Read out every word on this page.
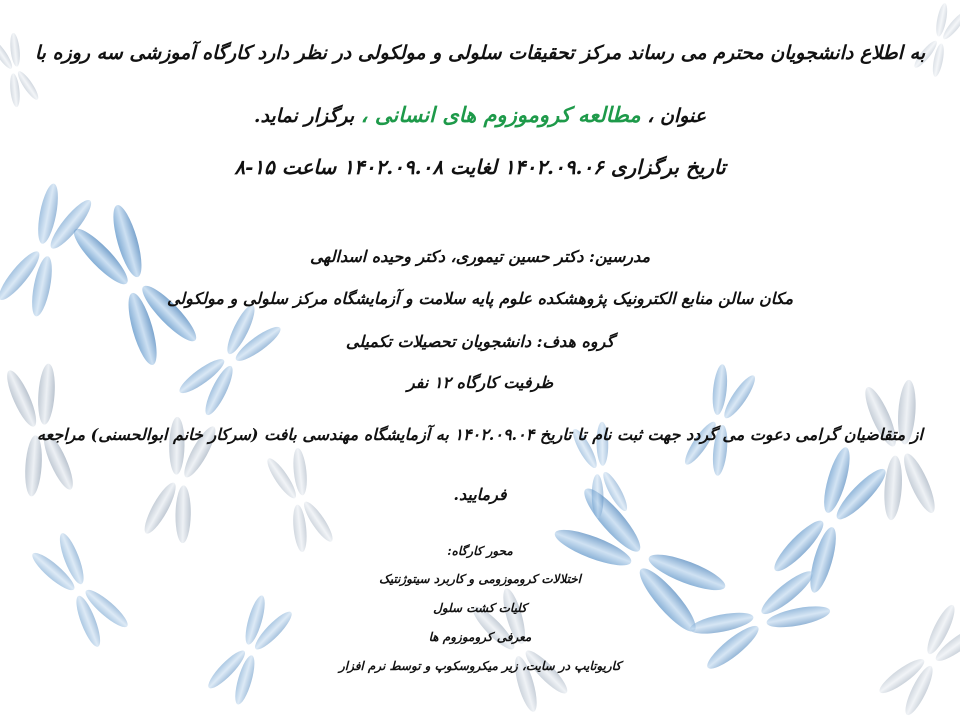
به اطلاع دانشجویان محترم می رساند مرکز تحقیقات سلولی و مولکولی در نظر دارد کارگاه آموزشی سه روزه با
عنوان ، مطالعه کروموزوم های انسانی ، برگزار نماید.
تاریخ برگزاری ۱۴۰۲.۰۹.۰۶ لغایت ۱۴۰۲.۰۹.۰۸ ساعت ۱۵-۸
مدرسین: دکتر حسین تیموری، دکتر وحیده اسدالهی
مکان سالن منابع الکترونیک پژوهشکده علوم پایه سلامت و آزمایشگاه مرکز سلولی و مولکولی
گروه هدف: دانشجویان تحصیلات تکمیلی
ظرفیت کارگاه ۱۲ نفر
از متقاضیان گرامی دعوت می گردد جهت ثبت نام تا تاریخ ۱۴۰۲.۰۹.۰۴ به آزمایشگاه مهندسی بافت (سرکار خانم ابوالحسنی) مراجعه
فرمایید.
محور کارگاه:
اختلالات کروموزومی و کاربرد سیتوژنتیک
کلیات کشت سلول
معرفی کروموزوم ها
کاریوتایپ در سایت، زیر میکروسکوپ و توسط نرم افزار
